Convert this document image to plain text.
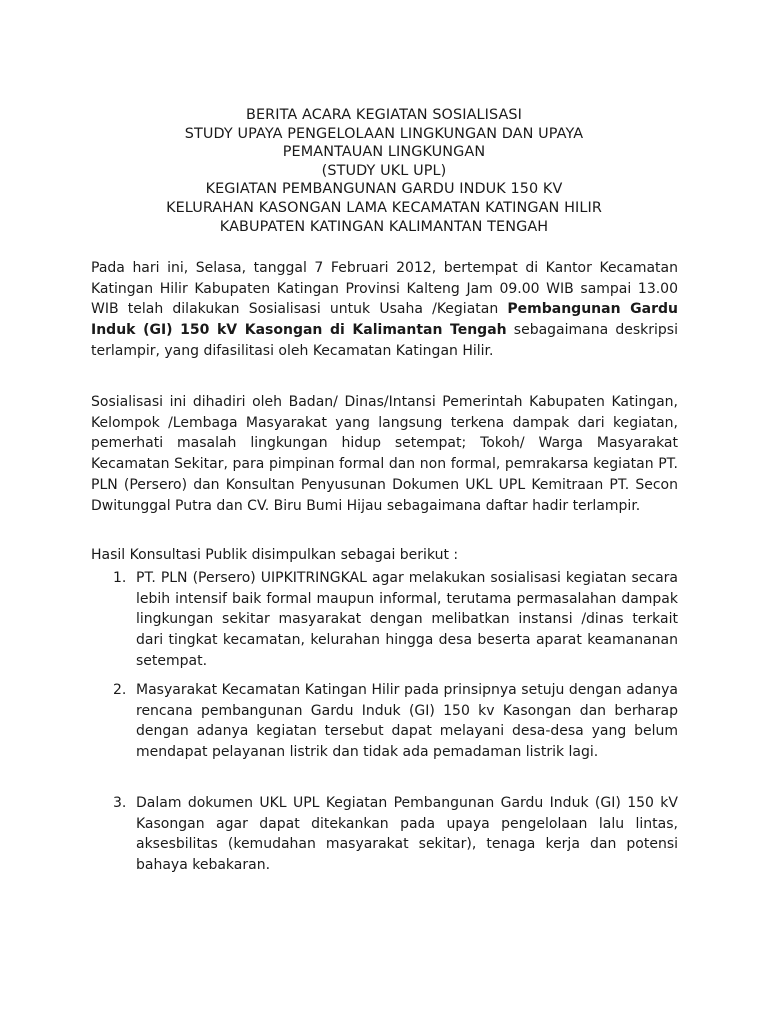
BERITA ACARA KEGIATAN SOSIALISASI
STUDY UPAYA PENGELOLAAN LINGKUNGAN DAN UPAYA
PEMANTAUAN LINGKUNGAN
(STUDY UKL UPL)
KEGIATAN PEMBANGUNAN GARDU INDUK 150 KV
KELURAHAN KASONGAN LAMA KECAMATAN KATINGAN HILIR
KABUPATEN KATINGAN KALIMANTAN TENGAH

Pada hari ini, Selasa, tanggal 7 Februari 2012, bertempat di Kantor Kecamatan Katingan Hilir Kabupaten Katingan Provinsi Kalteng Jam 09.00 WIB sampai 13.00 WIB telah dilakukan Sosialisasi untuk Usaha /Kegiatan Pembangunan Gardu Induk (GI) 150 kV Kasongan di Kalimantan Tengah sebagaimana deskripsi terlampir, yang difasilitasi oleh Kecamatan Katingan Hilir.

Sosialisasi ini dihadiri oleh Badan/ Dinas/Intansi Pemerintah Kabupaten Katingan, Kelompok /Lembaga Masyarakat yang langsung terkena dampak dari kegiatan, pemerhati masalah lingkungan hidup setempat; Tokoh/ Warga Masyarakat Kecamatan Sekitar, para pimpinan formal dan non formal, pemrakarsa kegiatan PT. PLN (Persero) dan Konsultan Penyusunan Dokumen UKL UPL Kemitraan PT. Secon Dwitunggal Putra dan CV. Biru Bumi Hijau sebagaimana daftar hadir terlampir.

Hasil Konsultasi Publik disimpulkan sebagai berikut :

1. PT. PLN (Persero) UIPKITRINGKAL agar melakukan sosialisasi kegiatan secara lebih intensif baik formal maupun informal, terutama permasalahan dampak lingkungan sekitar masyarakat dengan melibatkan instansi /dinas terkait dari tingkat kecamatan, kelurahan hingga desa beserta aparat keamananan setempat.
2. Masyarakat Kecamatan Katingan Hilir pada prinsipnya setuju dengan adanya rencana pembangunan Gardu Induk (GI) 150 kv Kasongan dan berharap dengan adanya kegiatan tersebut dapat melayani desa-desa yang belum mendapat pelayanan listrik dan tidak ada pemadaman listrik lagi.
3. Dalam dokumen UKL UPL Kegiatan Pembangunan Gardu Induk (GI) 150 kV Kasongan agar dapat ditekankan pada upaya pengelolaan lalu lintas, aksesbilitas (kemudahan masyarakat sekitar), tenaga kerja dan potensi bahaya kebakaran.
